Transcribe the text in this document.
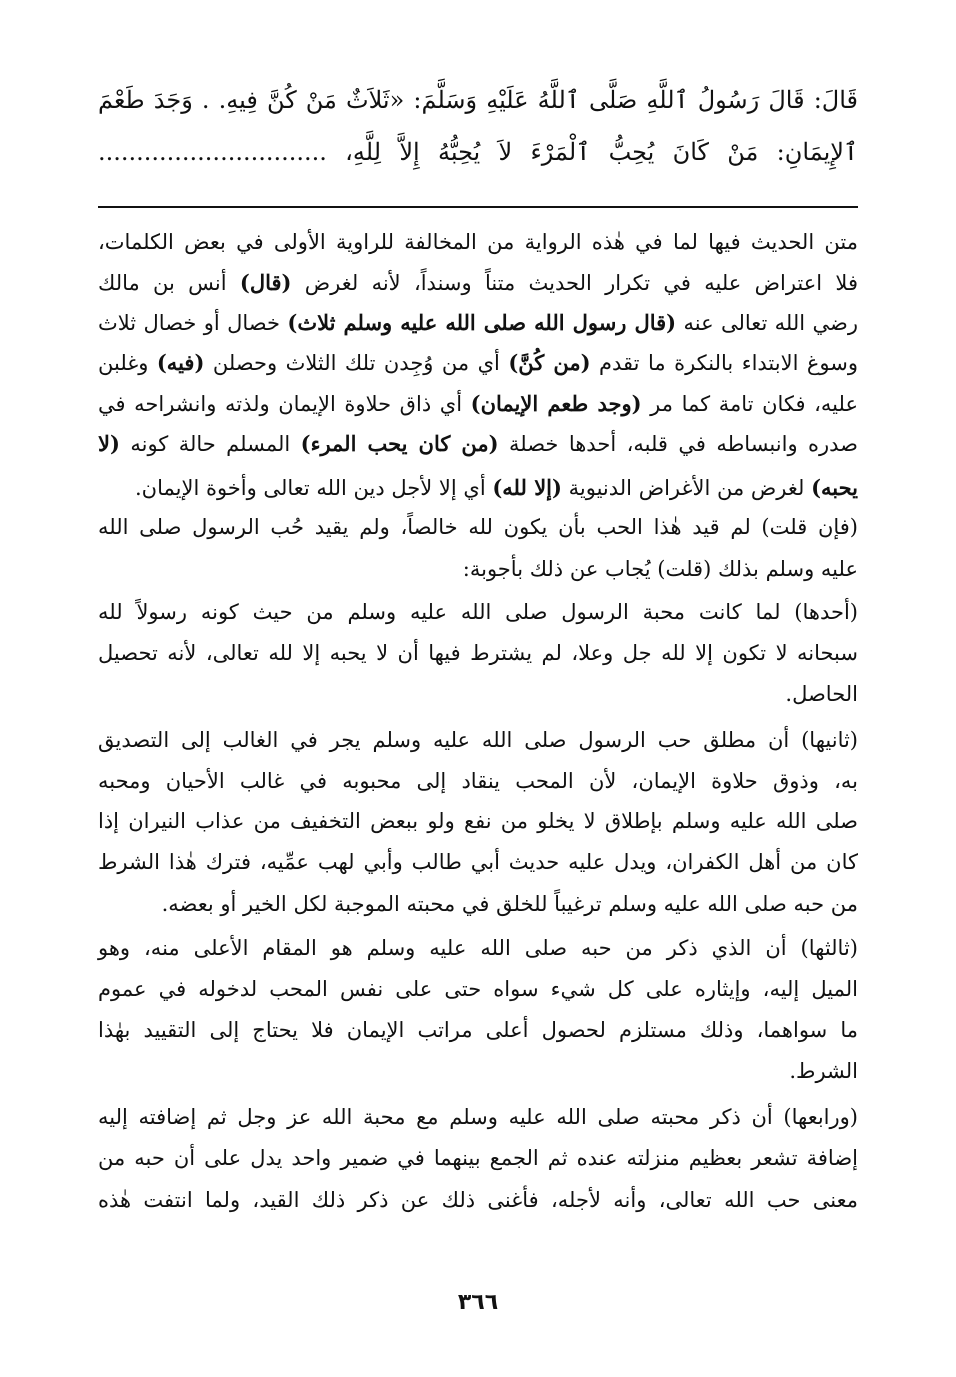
قَالَ: قَالَ رَسُولُ ٱللَّهِ صَلَّى ٱللَّهُ عَلَيْهِ وَسَلَّمَ: «ثَلاَثٌ مَنْ كُنَّ فِيهِ. . وَجَدَ طَعْمَ
ٱلإِيمَانِ: مَنْ كَانَ يُحِبُّ ٱلْمَرْءَ لاَ يُحِبُّهُ إِلاَّ لِلَّهِ، ..............................
متن الحديث فيها لما في هٰذه الرواية من المخالفة للراوية الأولى في بعض الكلمات،
فلا اعتراض عليه في تكرار الحديث متناً وسنداً، لأنه لغرض (قال) أنس بن مالك
رضي الله تعالى عنه (قال رسول الله صلى الله عليه وسلم ثلاث) خصال أو خصال ثلاث
وسوغ الابتداء بالنكرة ما تقدم (من كُنَّ) أي من وُجِدن تلك الثلاث وحصلن (فيه) وغلبن
عليه، فكان تامة كما مر (وجد طعم الإيمان) أي ذاق حلاوة الإيمان ولذته وانشراحه في
صدره وانبساطه في قلبه، أحدها خصلة (من كان يحب المرء) المسلم حالة كونه (لا
يحبه) لغرض من الأغراض الدنيوية (إلا لله) أي إلا لأجل دين الله تعالى وأخوة الإيمان.
(فإن قلت) لم قيد هٰذا الحب بأن يكون لله خالصاً، ولم يقيد حُب الرسول صلى الله
عليه وسلم بذلك (قلت) يُجاب عن ذلك بأجوبة:
(أحدها) لما كانت محبة الرسول صلى الله عليه وسلم من حيث كونه رسولاً لله
سبحانه لا تكون إلا لله جل وعلا، لم يشترط فيها أن لا يحبه إلا لله تعالى، لأنه تحصيل
الحاصل.
(ثانيها) أن مطلق حب الرسول صلى الله عليه وسلم يجر في الغالب إلى التصديق
به، وذوق حلاوة الإيمان، لأن المحب ينقاد إلى محبوبه في غالب الأحيان ومحبه
صلى الله عليه وسلم بإطلاق لا يخلو من نفع ولو ببعض التخفيف من عذاب النيران إذا
كان من أهل الكفران، ويدل عليه حديث أبي طالب وأبي لهب عمِّيه، فترك هٰذا الشرط
من حبه صلى الله عليه وسلم ترغيباً للخلق في محبته الموجبة لكل الخير أو بعضه.
(ثالثها) أن الذي ذكر من حبه صلى الله عليه وسلم هو المقام الأعلى منه، وهو
الميل إليه، وإيثاره على كل شيء سواه حتى على نفس المحب لدخوله في عموم
ما سواهما، وذلك مستلزم لحصول أعلى مراتب الإيمان فلا يحتاج إلى التقييد بهٰذا
الشرط.
(ورابعها) أن ذكر محبته صلى الله عليه وسلم مع محبة الله عز وجل ثم إضافته إليه
إضافة تشعر بعظيم منزلته عنده ثم الجمع بينهما في ضمير واحد يدل على أن حبه من
معنى حب الله تعالى، وأنه لأجله، فأغنى ذلك عن ذكر ذلك القيد، ولما انتفت هٰذه
٣٦٦
